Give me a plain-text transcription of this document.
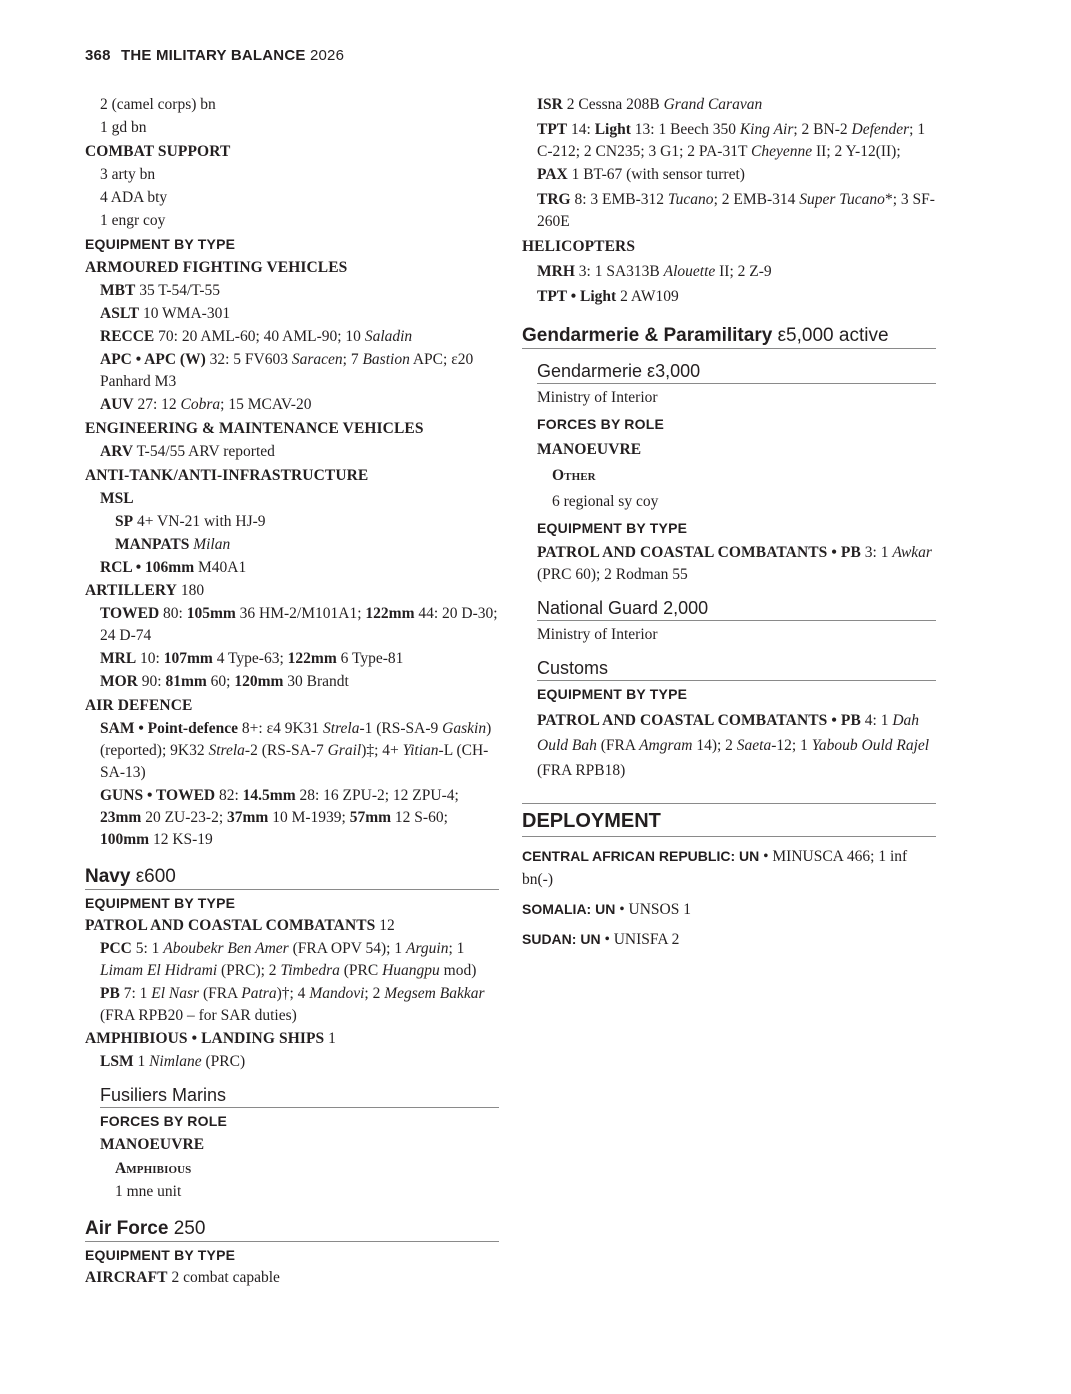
368 THE MILITARY BALANCE 2026
2 (camel corps) bn
1 gd bn
COMBAT SUPPORT
3 arty bn
4 ADA bty
1 engr coy
EQUIPMENT BY TYPE
ARMOURED FIGHTING VEHICLES
MBT 35 T-54/T-55
ASLT 10 WMA-301
RECCE 70: 20 AML-60; 40 AML-90; 10 Saladin
APC • APC (W) 32: 5 FV603 Saracen; 7 Bastion APC; ε20 Panhard M3
AUV 27: 12 Cobra; 15 MCAV-20
ENGINEERING & MAINTENANCE VEHICLES
ARV T-54/55 ARV reported
ANTI-TANK/ANTI-INFRASTRUCTURE
MSL
SP 4+ VN-21 with HJ-9
MANPATS Milan
RCL • 106mm M40A1
ARTILLERY 180
TOWED 80: 105mm 36 HM-2/M101A1; 122mm 44: 20 D-30; 24 D-74
MRL 10: 107mm 4 Type-63; 122mm 6 Type-81
MOR 90: 81mm 60; 120mm 30 Brandt
AIR DEFENCE
SAM • Point-defence 8+: ε4 9K31 Strela-1 (RS-SA-9 Gaskin) (reported); 9K32 Strela-2 (RS-SA-7 Grail)‡; 4+ Yitian-L (CH-SA-13)
GUNS • TOWED 82: 14.5mm 28: 16 ZPU-2; 12 ZPU-4; 23mm 20 ZU-23-2; 37mm 10 M-1939; 57mm 12 S-60; 100mm 12 KS-19
Navy ε600
EQUIPMENT BY TYPE
PATROL AND COASTAL COMBATANTS 12
PCC 5: 1 Aboubekr Ben Amer (FRA OPV 54); 1 Arguin; 1 Limam El Hidrami (PRC); 2 Timbedra (PRC Huangpu mod)
PB 7: 1 El Nasr (FRA Patra)†; 4 Mandovi; 2 Megsem Bakkar (FRA RPB20 – for SAR duties)
AMPHIBIOUS • LANDING SHIPS 1
LSM 1 Nimlane (PRC)
Fusiliers Marins
FORCES BY ROLE
MANOEUVRE
Amphibious
1 mne unit
Air Force 250
EQUIPMENT BY TYPE
AIRCRAFT 2 combat capable
ISR 2 Cessna 208B Grand Caravan
TPT 14: Light 13: 1 Beech 350 King Air; 2 BN-2 Defender; 1 C-212; 2 CN235; 3 G1; 2 PA-31T Cheyenne II; 2 Y-12(II);
PAX 1 BT-67 (with sensor turret)
TRG 8: 3 EMB-312 Tucano; 2 EMB-314 Super Tucano*; 3 SF-260E
HELICOPTERS
MRH 3: 1 SA313B Alouette II; 2 Z-9
TPT • Light 2 AW109
Gendarmerie & Paramilitary ε5,000 active
Gendarmerie ε3,000
Ministry of Interior
FORCES BY ROLE
MANOEUVRE
Other
6 regional sy coy
EQUIPMENT BY TYPE
PATROL AND COASTAL COMBATANTS • PB 3: 1 Awkar (PRC 60); 2 Rodman 55
National Guard 2,000
Ministry of Interior
Customs
EQUIPMENT BY TYPE
PATROL AND COASTAL COMBATANTS • PB 4: 1 Dah Ould Bah (FRA Amgram 14); 2 Saeta-12; 1 Yaboub Ould Rajel (FRA RPB18)
DEPLOYMENT
CENTRAL AFRICAN REPUBLIC: UN • MINUSCA 466; 1 inf bn(-)
SOMALIA: UN • UNSOS 1
SUDAN: UN • UNISFA 2
